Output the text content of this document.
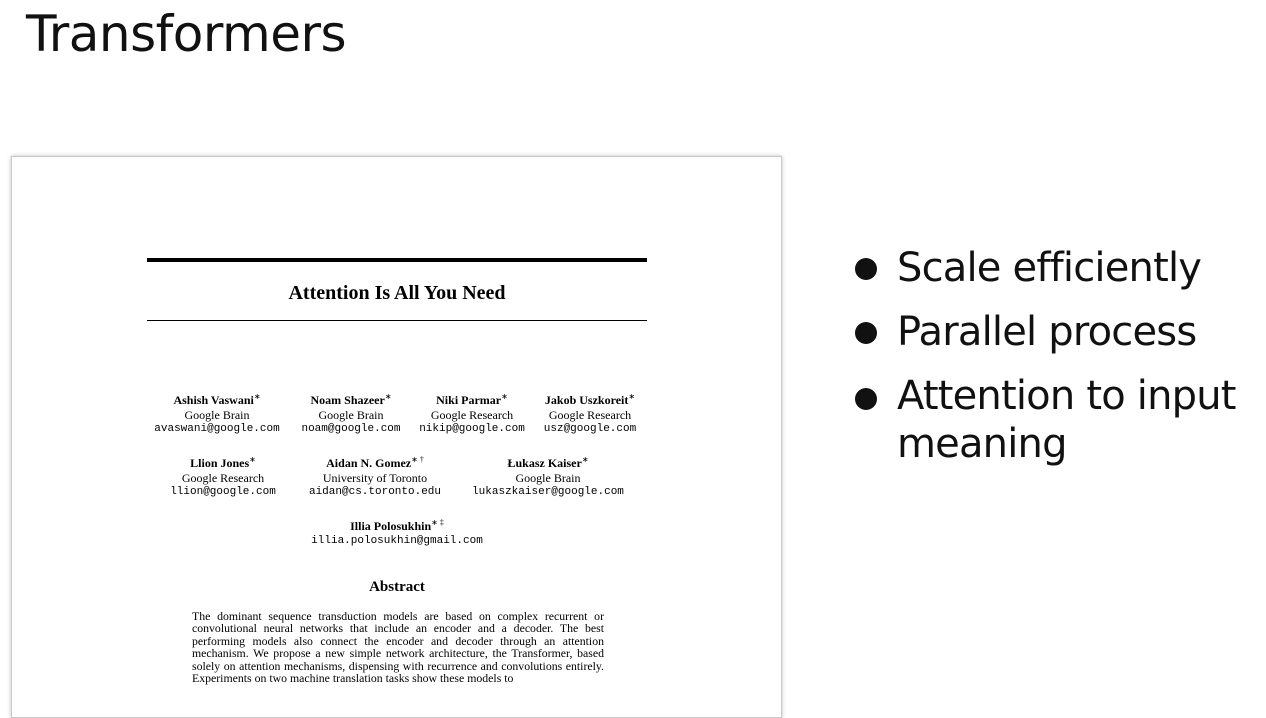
Transformers
Attention Is All You Need
Ashish Vaswani∗
Google Brain
avaswani@google.com
Noam Shazeer∗
Google Brain
noam@google.com
Niki Parmar∗
Google Research
nikip@google.com
Jakob Uszkoreit∗
Google Research
usz@google.com
Llion Jones∗
Google Research
llion@google.com
Aidan N. Gomez∗ †
University of Toronto
aidan@cs.toronto.edu
Łukasz Kaiser∗
Google Brain
lukaszkaiser@google.com
Illia Polosukhin∗ ‡
illia.polosukhin@gmail.com
Abstract
The dominant sequence transduction models are based on complex recurrent or convolutional neural networks that include an encoder and a decoder. The best performing models also connect the encoder and decoder through an attention mechanism. We propose a new simple network architecture, the Transformer, based solely on attention mechanisms, dispensing with recurrence and convolutions entirely. Experiments on two machine translation tasks show these models to
Scale efficiently
Parallel process
Attention to input meaning
